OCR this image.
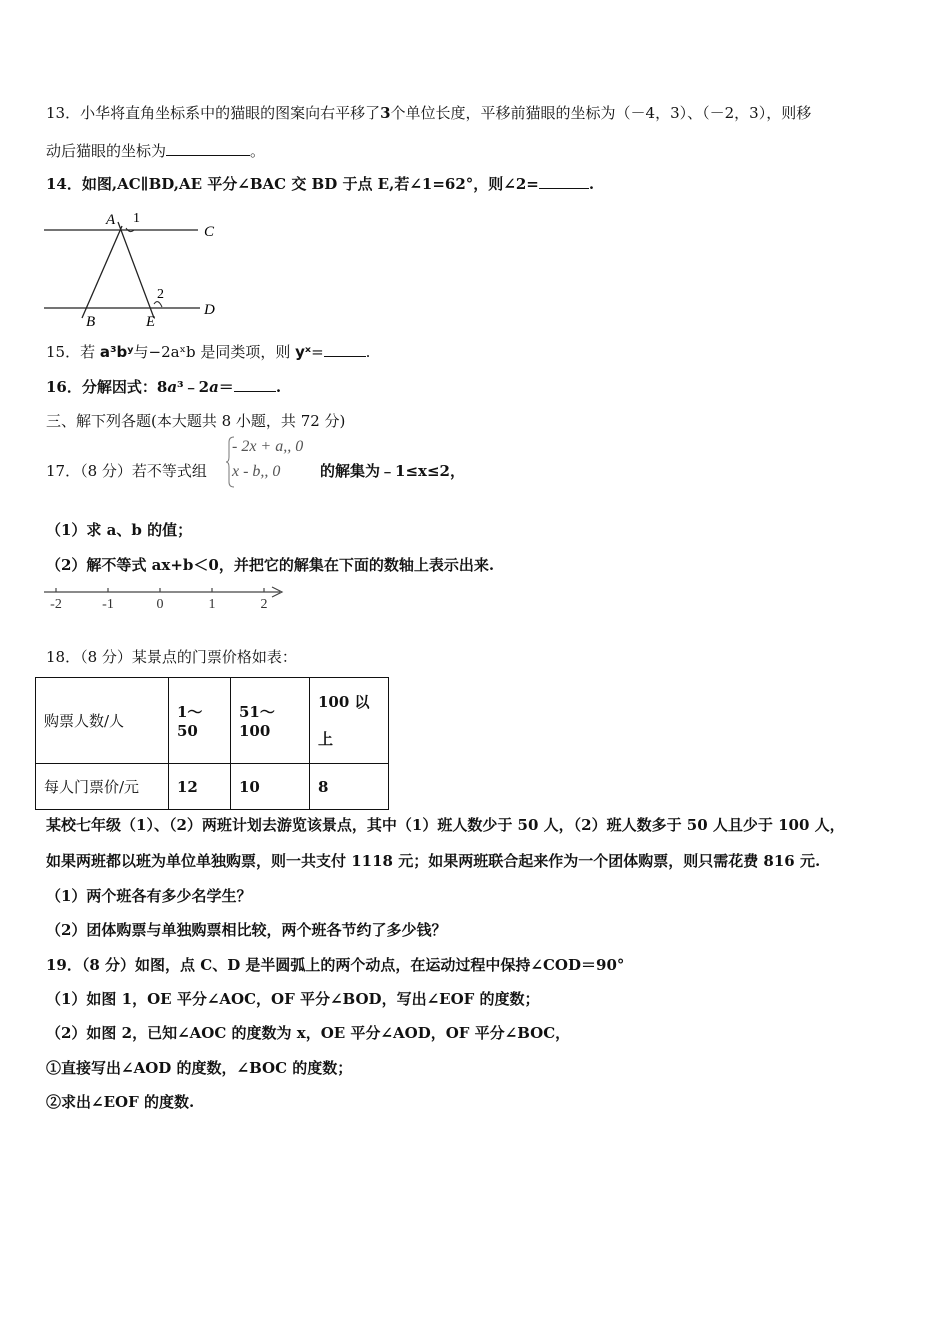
13．小华将直角坐标系中的猫眼的图案向右平移了3个单位长度，平移前猫眼的坐标为（－4，3）、（－2，3），则移
动后猫眼的坐标为	。
14．如图,AC∥BD,AE 平分∠BAC 交 BD 于点 E,若∠1=62°，则∠2=	.
A 1
C
2
D
B	E
15．若 a³bʸ与−2aˣb 是同类项，则 yˣ=	.
16．分解因式：8a³﹣2a＝	.
三、解下列各题(本大题共 8 小题，共 72 分)
17．（8 分）若不等式组
- 2x + a,, 0
x - b,, 0	的解集为﹣1≤x≤2，
（1）求 a、b 的值；
（2）解不等式 ax+b＜0，并把它的解集在下面的数轴上表示出来.
-2	-1	0	1	2
18．（8 分）某景点的门票价格如表：
购票人数/人	1～50	51～100	100 以
上

每人门票价/元	12	10	8
某校七年级（1）、（2）两班计划去游览该景点，其中（1）班人数少于 50 人，（2）班人数多于 50 人且少于 100 人，
如果两班都以班为单位单独购票，则一共支付 1118 元；如果两班联合起来作为一个团体购票，则只需花费 816 元.
（1）两个班各有多少名学生？
（2）团体购票与单独购票相比较，两个班各节约了多少钱？
19．（8 分）如图，点 C、D 是半圆弧上的两个动点，在运动过程中保持∠COD＝90°
（1）如图 1，OE 平分∠AOC，OF 平分∠BOD，写出∠EOF 的度数；
（2）如图 2，已知∠AOC 的度数为 x，OE 平分∠AOD，OF 平分∠BOC，
①直接写出∠AOD 的度数，∠BOC 的度数；
②求出∠EOF 的度数.
